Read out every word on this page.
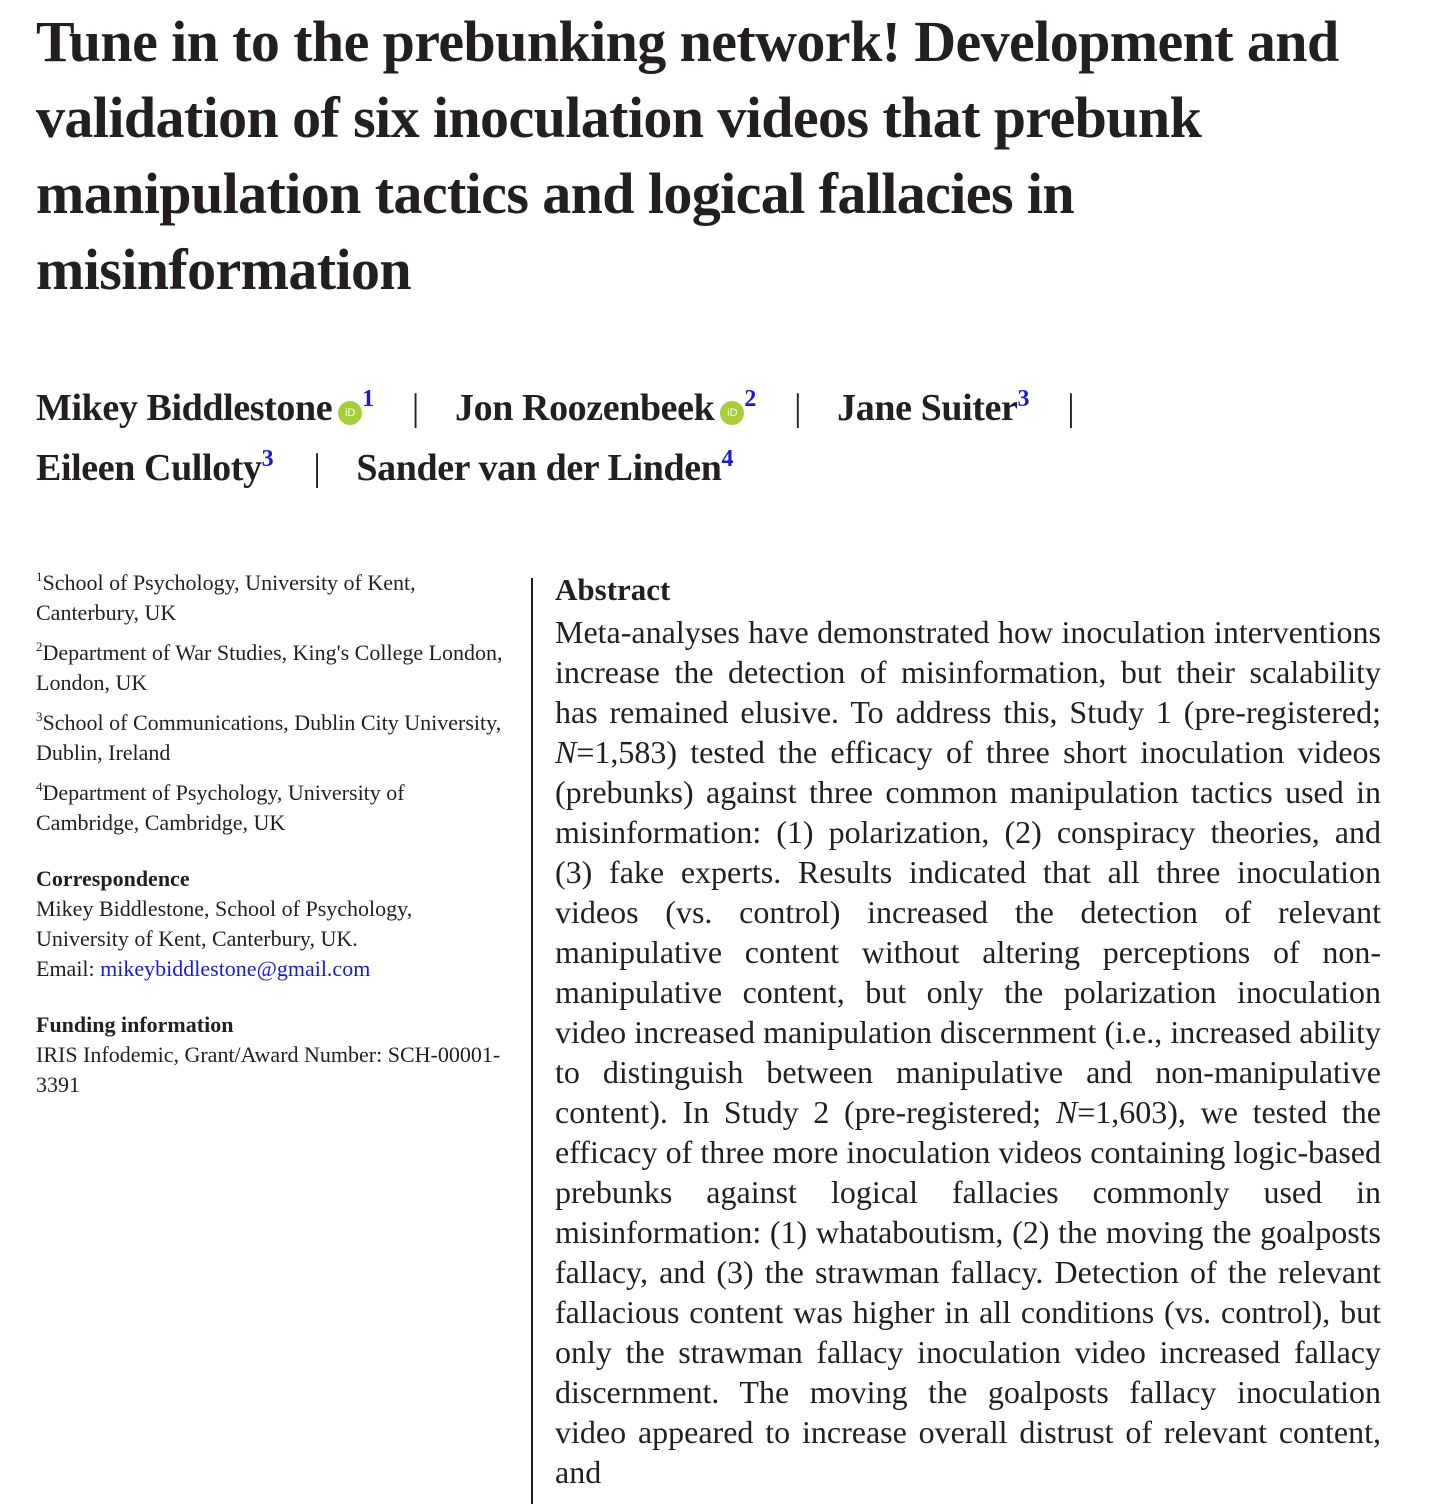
Tune in to the prebunking network! Development and validation of six inoculation videos that prebunk manipulation tactics and logical fallacies in misinformation
Mikey Biddlestone $iD^1$ | Jon Roozenbeek $iD^2$ | Jane Suiter$^3$ |
Eileen Culloty$^3$ | Sander van der Linden$^4$
$^1$School of Psychology, University of Kent, Canterbury, UK
$^2$Department of War Studies, King's College London, London, UK
$^3$School of Communications, Dublin City University, Dublin, Ireland
$^4$Department of Psychology, University of Cambridge, Cambridge, UK
Correspondence
Mikey Biddlestone, School of Psychology, University of Kent, Canterbury, UK.
Email: mikeybiddlestone@gmail.com
Funding information
IRIS Infodemic, Grant/Award Number: SCH-00001-3391
Abstract

Meta-analyses have demonstrated how inoculation interventions increase the detection of misinformation, but their scalability has remained elusive. To address this, Study 1 (pre-registered; N=1,583) tested the efficacy of three short inoculation videos (prebunks) against three common manipulation tactics used in misinformation: (1) polarization, (2) conspiracy theories, and (3) fake experts. Results indicated that all three inoculation videos (vs. control) increased the detection of relevant manipulative content without altering perceptions of non-manipulative content, but only the polarization inoculation video increased manipulation discernment (i.e., increased ability to distinguish between manipulative and non-manipulative content). In Study 2 (pre-registered; N=1,603), we tested the efficacy of three more inoculation videos containing logic-based prebunks against logical fallacies commonly used in misinformation: (1) whataboutism, (2) the moving the goalposts fallacy, and (3) the strawman fallacy. Detection of the relevant fallacious content was higher in all conditions (vs. control), but only the strawman fallacy inoculation video increased fallacy discernment. The moving the goalposts fallacy inoculation video appeared to increase overall distrust of relevant content, and
